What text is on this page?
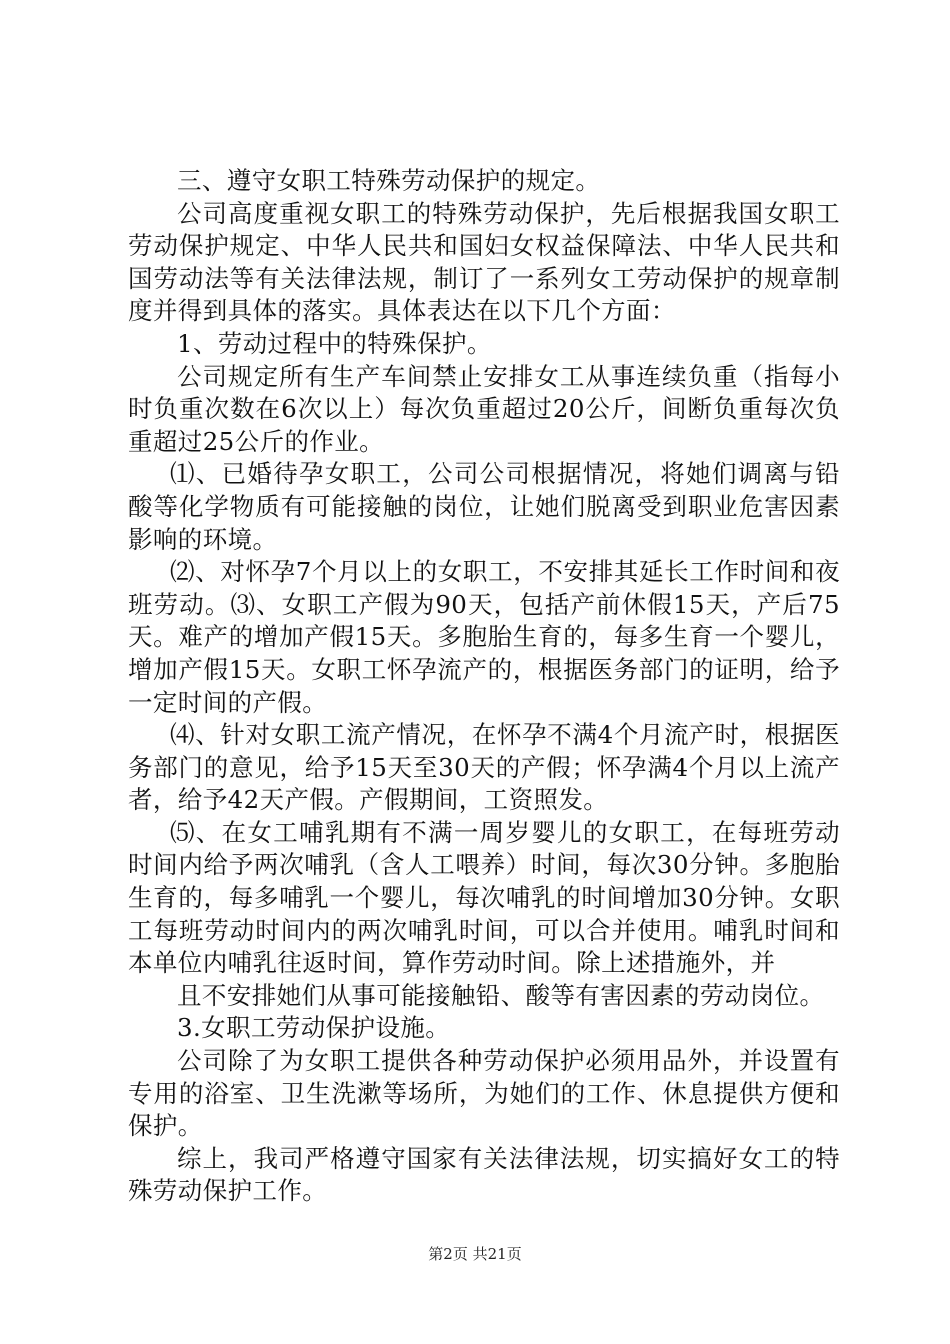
三、遵守女职工特殊劳动保护的规定。

公司高度重视女职工的特殊劳动保护，先后根据我国女职工劳动保护规定、中华人民共和国妇女权益保障法、中华人民共和国劳动法等有关法律法规，制订了一系列女工劳动保护的规章制度并得到具体的落实。具体表达在以下几个方面：

1、劳动过程中的特殊保护。

公司规定所有生产车间禁止安排女工从事连续负重（指每小时负重次数在6次以上）每次负重超过20公斤，间断负重每次负重超过25公斤的作业。

⑴、已婚待孕女职工，公司公司根据情况，将她们调离与铅酸等化学物质有可能接触的岗位，让她们脱离受到职业危害因素影响的环境。

⑵、对怀孕7个月以上的女职工，不安排其延长工作时间和夜班劳动。⑶、女职工产假为90天，包括产前休假15天，产后75天。难产的增加产假15天。多胞胎生育的，每多生育一个婴儿，增加产假15天。女职工怀孕流产的，根据医务部门的证明，给予一定时间的产假。

⑷、针对女职工流产情况，在怀孕不满4个月流产时，根据医务部门的意见，给予15天至30天的产假；怀孕满4个月以上流产者，给予42天产假。产假期间，工资照发。

⑸、在女工哺乳期有不满一周岁婴儿的女职工，在每班劳动时间内给予两次哺乳（含人工喂养）时间，每次30分钟。多胞胎生育的，每多哺乳一个婴儿，每次哺乳的时间增加30分钟。女职工每班劳动时间内的两次哺乳时间，可以合并使用。哺乳时间和本单位内哺乳往返时间，算作劳动时间。除上述措施外，并

且不安排她们从事可能接触铅、酸等有害因素的劳动岗位。

3.女职工劳动保护设施。

公司除了为女职工提供各种劳动保护必须用品外，并设置有专用的浴室、卫生洗漱等场所，为她们的工作、休息提供方便和保护。

综上，我司严格遵守国家有关法律法规，切实搞好女工的特殊劳动保护工作。

第2页 共21页
